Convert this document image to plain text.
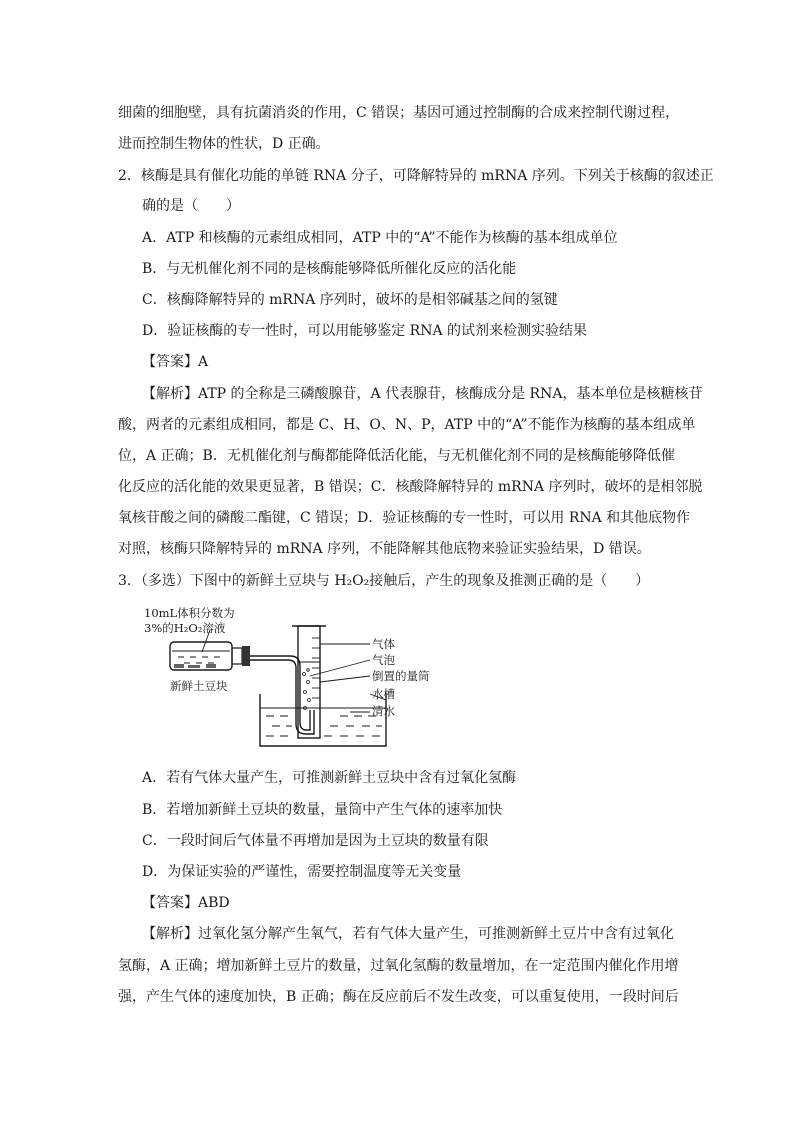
细菌的细胞壁，具有抗菌消炎的作用，C 错误；基因可通过控制酶的合成来控制代谢过程，
进而控制生物体的性状，D 正确。
2．核酶是具有催化功能的单链 RNA 分子，可降解特异的 mRNA 序列。下列关于核酶的叙述正
确的是（　　）
A．ATP 和核酶的元素组成相同，ATP 中的“A”不能作为核酶的基本组成单位
B．与无机催化剂不同的是核酶能够降低所催化反应的活化能
C．核酶降解特异的 mRNA 序列时，破坏的是相邻碱基之间的氢键
D．验证核酶的专一性时，可以用能够鉴定 RNA 的试剂来检测实验结果
【答案】A
【解析】ATP 的全称是三磷酸腺苷，A 代表腺苷，核酶成分是 RNA，基本单位是核糖核苷
酸，两者的元素组成相同，都是 C、H、O、N、P，ATP 中的“A”不能作为核酶的基本组成单
位，A 正确；B．无机催化剂与酶都能降低活化能，与无机催化剂不同的是核酶能够降低催
化反应的活化能的效果更显著，B 错误；C．核酸降解特异的 mRNA 序列时，破坏的是相邻脱
氧核苷酸之间的磷酸二酯键，C 错误；D．验证核酶的专一性时，可以用 RNA 和其他底物作
对照，核酶只降解特异的 mRNA 序列，不能降解其他底物来验证实验结果，D 错误。
3．（多选）下图中的新鲜土豆块与 H₂O₂接触后，产生的现象及推测正确的是（　　）
10mL体积分数为
3%的H₂O₂溶液
新鲜土豆块
气体
气泡
倒置的量筒
水槽
清水
A．若有气体大量产生，可推测新鲜土豆块中含有过氧化氢酶
B．若增加新鲜土豆块的数量，量筒中产生气体的速率加快
C．一段时间后气体量不再增加是因为土豆块的数量有限
D．为保证实验的严谨性，需要控制温度等无关变量
【答案】ABD
【解析】过氧化氢分解产生氧气，若有气体大量产生，可推测新鲜土豆片中含有过氧化
氢酶，A 正确；增加新鲜土豆片的数量，过氧化氢酶的数量增加，在一定范围内催化作用增
强，产生气体的速度加快，B 正确；酶在反应前后不发生改变，可以重复使用，一段时间后
